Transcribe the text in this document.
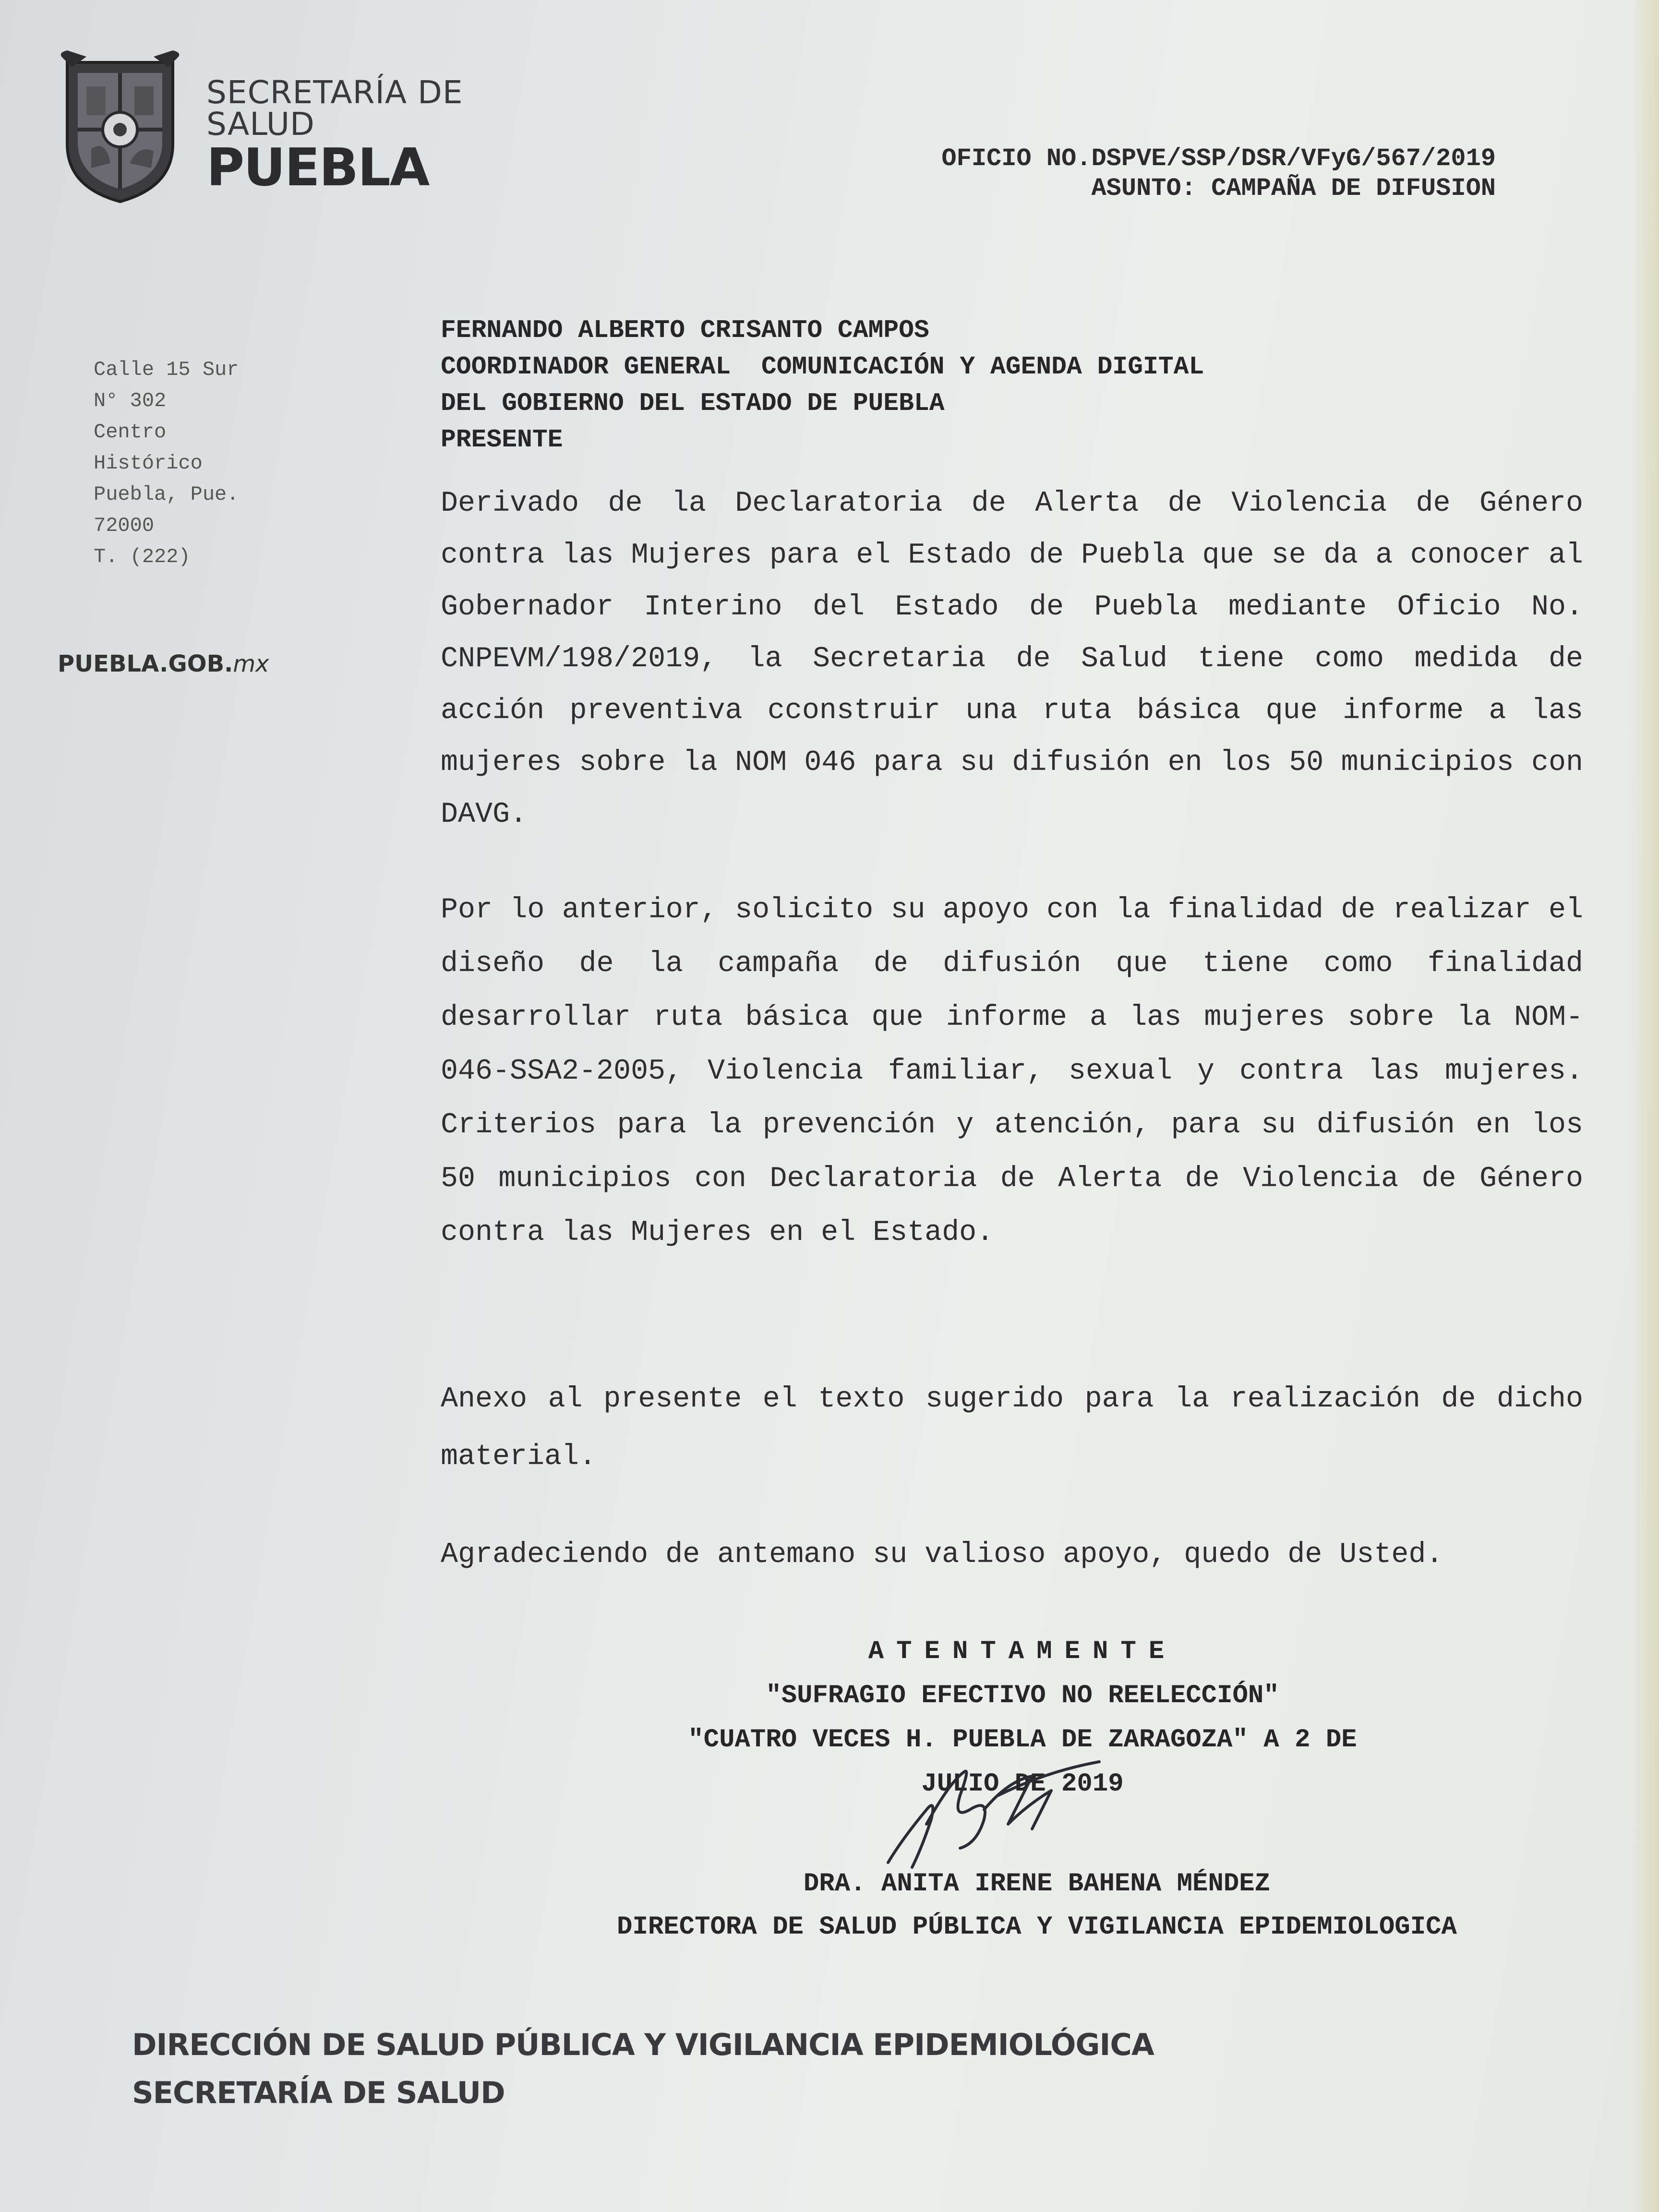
SECRETARÍA DE
SALUD
PUEBLA	OFICIO NO.DSPVE/SSP/DSR/VFyG/567/2019
ASUNTO: CAMPAÑA DE DIFUSION
Calle 15 Sur
N° 302
Centro
Histórico
Puebla, Pue.
72000
T. (222)
PUEBLA.GOB.mx
FERNANDO ALBERTO CRISANTO CAMPOS
COORDINADOR GENERAL  COMUNICACIÓN Y AGENDA DIGITAL
DEL GOBIERNO DEL ESTADO DE PUEBLA
PRESENTE
Derivado de la Declaratoria de Alerta de Violencia de Género contra las Mujeres para el Estado de Puebla que se da a conocer al Gobernador Interino del Estado de Puebla mediante Oficio No. CNPEVM/198/2019, la Secretaria de Salud tiene como medida de acción preventiva cconstruir una ruta básica que informe a las mujeres sobre la NOM 046 para su difusión en los 50 municipios con DAVG.
Por lo anterior, solicito su apoyo con la finalidad de realizar el diseño de la campaña de difusión que tiene como finalidad desarrollar ruta básica que informe a las mujeres sobre la NOM-046-SSA2-2005, Violencia familiar, sexual y contra las mujeres. Criterios para la prevención y atención, para su difusión en los 50 municipios con Declaratoria de Alerta de Violencia de Género contra las Mujeres en el Estado.
Anexo al presente el texto sugerido para la realización de dicho material.
Agradeciendo de antemano su valioso apoyo, quedo de Usted.
ATENTAMENTE
"SUFRAGIO EFECTIVO NO REELECCIÓN"
"CUATRO VECES H. PUEBLA DE ZARAGOZA" A 2 DE
JULIO DE 2019
DRA. ANITA IRENE BAHENA MÉNDEZ
DIRECTORA DE SALUD PÚBLICA Y VIGILANCIA EPIDEMIOLOGICA
DIRECCIÓN DE SALUD PÚBLICA Y VIGILANCIA EPIDEMIOLÓGICA
SECRETARÍA DE SALUD
